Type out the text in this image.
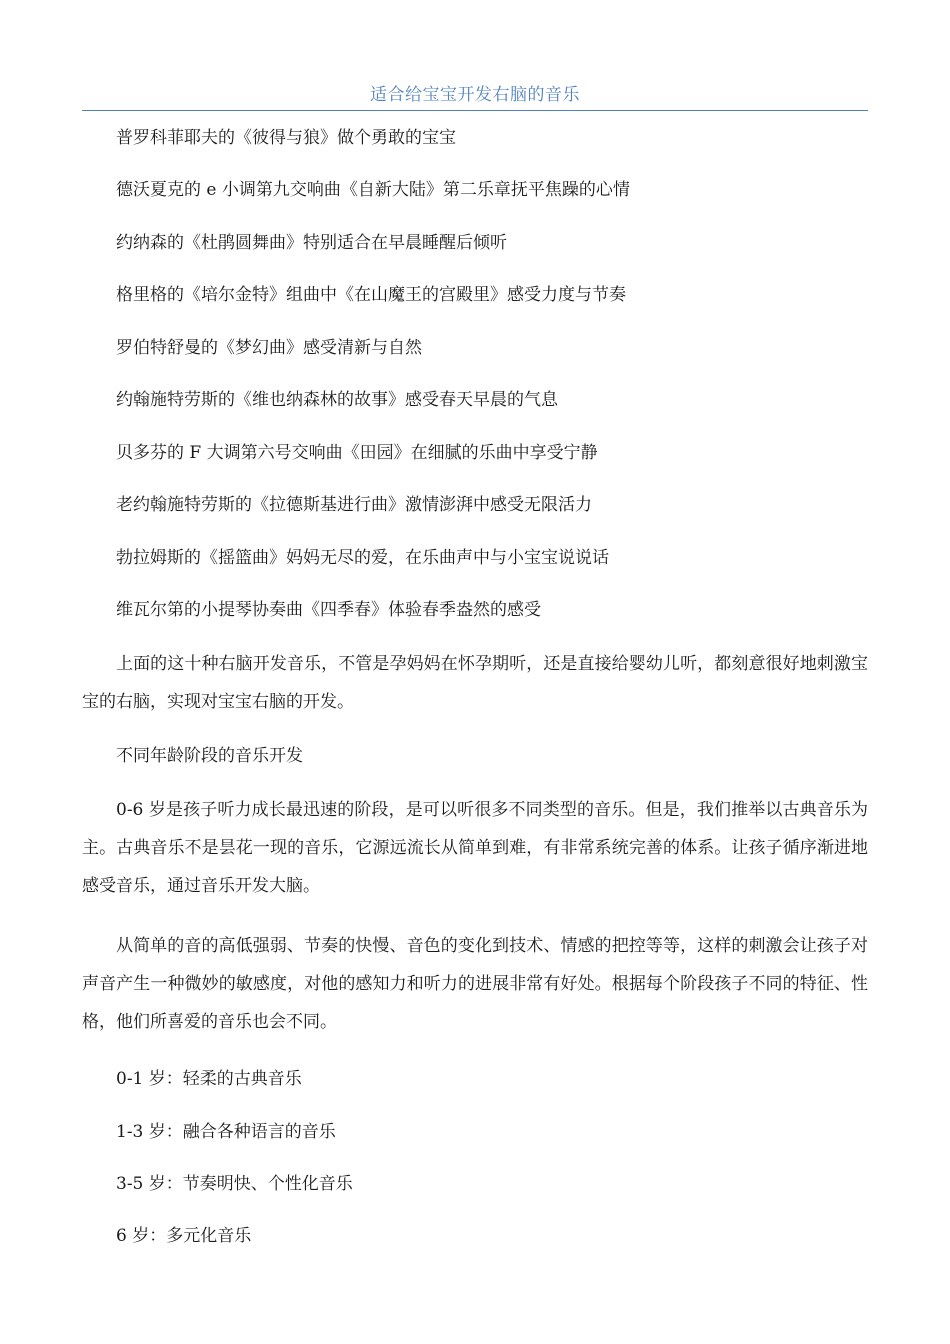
适合给宝宝开发右脑的音乐

普罗科菲耶夫的《彼得与狼》做个勇敢的宝宝

德沃夏克的 e 小调第九交响曲《自新大陆》第二乐章抚平焦躁的心情

约纳森的《杜鹃圆舞曲》特别适合在早晨睡醒后倾听

格里格的《培尔金特》组曲中《在山魔王的宫殿里》感受力度与节奏

罗伯特舒曼的《梦幻曲》感受清新与自然

约翰施特劳斯的《维也纳森林的故事》感受春天早晨的气息

贝多芬的 F 大调第六号交响曲《田园》在细腻的乐曲中享受宁静

老约翰施特劳斯的《拉德斯基进行曲》激情澎湃中感受无限活力

勃拉姆斯的《摇篮曲》妈妈无尽的爱，在乐曲声中与小宝宝说说话

维瓦尔第的小提琴协奏曲《四季春》体验春季盎然的感受

上面的这十种右脑开发音乐，不管是孕妈妈在怀孕期听，还是直接给婴幼儿听，都刻意很好地刺激宝宝的右脑，实现对宝宝右脑的开发。

不同年龄阶段的音乐开发

0-6 岁是孩子听力成长最迅速的阶段，是可以听很多不同类型的音乐。但是，我们推举以古典音乐为主。古典音乐不是昙花一现的音乐，它源远流长从简单到难，有非常系统完善的体系。让孩子循序渐进地感受音乐，通过音乐开发大脑。

从简单的音的高低强弱、节奏的快慢、音色的变化到技术、情感的把控等等，这样的刺激会让孩子对声音产生一种微妙的敏感度，对他的感知力和听力的进展非常有好处。根据每个阶段孩子不同的特征、性格，他们所喜爱的音乐也会不同。

0-1 岁：轻柔的古典音乐

1-3 岁：融合各种语言的音乐

3-5 岁：节奏明快、个性化音乐

6 岁：多元化音乐
